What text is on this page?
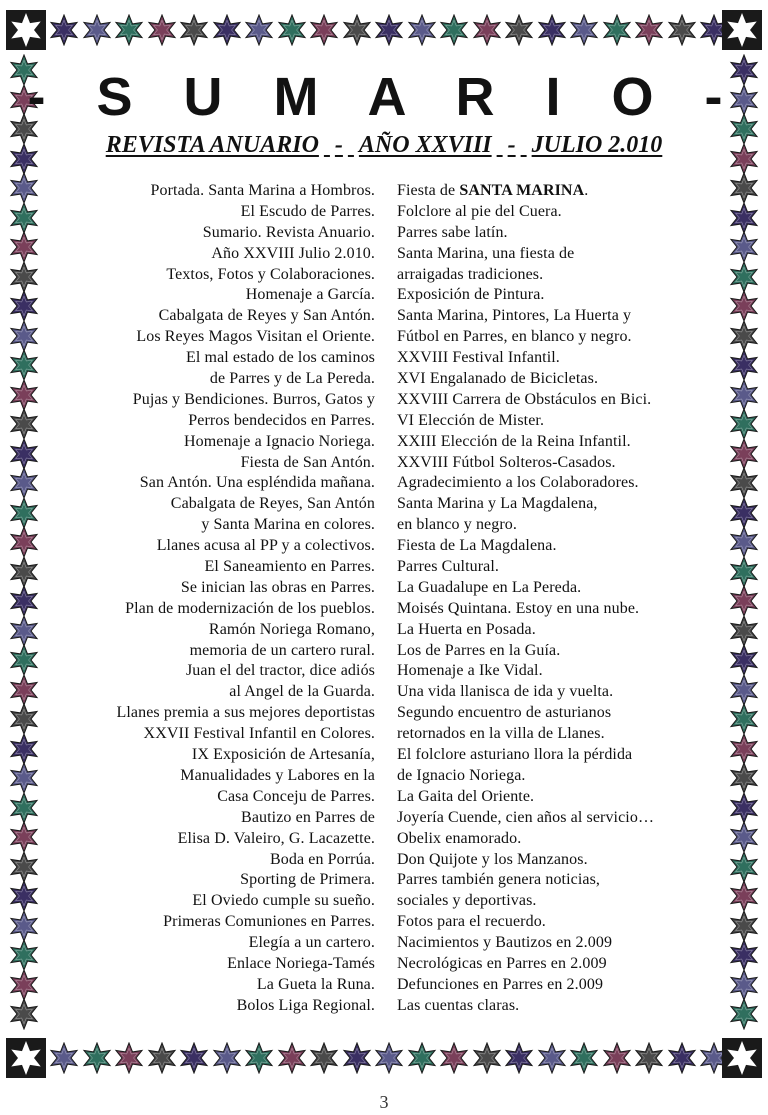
- S U M A R I O -
REVISTA ANUARIO - AÑO XXVIII - JULIO 2.010
Portada. Santa Marina a Hombros.
El Escudo de Parres.
Sumario. Revista Anuario.
Año XXVIII Julio 2.010.
Textos, Fotos y Colaboraciones.
Homenaje a García.
Cabalgata de Reyes y San Antón.
Los Reyes Magos Visitan el Oriente.
El mal estado de los caminos
de Parres y de La Pereda.
Pujas y Bendiciones. Burros, Gatos y
Perros bendecidos en Parres.
Homenaje a Ignacio Noriega.
Fiesta de San Antón.
San Antón. Una espléndida mañana.
Cabalgata de Reyes, San Antón
y Santa Marina en colores.
Llanes acusa al PP y a colectivos.
El Saneamiento en Parres.
Se inician las obras en Parres.
Plan de modernización de los pueblos.
Ramón Noriega Romano,
memoria de un cartero rural.
Juan el del tractor, dice adiós
al Angel de la Guarda.
Llanes premia a sus mejores deportistas
XXVII Festival Infantil en Colores.
IX Exposición de Artesanía,
Manualidades y Labores en la
Casa Conceju de Parres.
Bautizo en Parres de
Elisa D. Valeiro, G. Lacazette.
Boda en Porrúa.
Sporting de Primera.
El Oviedo cumple su sueño.
Primeras Comuniones en Parres.
Elegía a un cartero.
Enlace Noriega-Tamés
La Gueta la Runa.
Bolos Liga Regional.
Fiesta de SANTA MARINA.
Folclore al pie del Cuera.
Parres sabe latín.
Santa Marina, una fiesta de
arraigadas tradiciones.
Exposición de Pintura.
Santa Marina, Pintores, La Huerta y
Fútbol en Parres, en blanco y negro.
XXVIII Festival Infantil.
XVI Engalanado de Bicicletas.
XXVIII Carrera de Obstáculos en Bici.
VI Elección de Mister.
XXIII Elección de la Reina Infantil.
XXVIII Fútbol Solteros-Casados.
Agradecimiento a los Colaboradores.
Santa Marina y La Magdalena,
en blanco y negro.
Fiesta de La Magdalena.
Parres Cultural.
La Guadalupe en La Pereda.
Moisés Quintana. Estoy en una nube.
La Huerta en Posada.
Los de Parres en la Guía.
Homenaje a Ike Vidal.
Una vida llanisca de ida y vuelta.
Segundo encuentro de asturianos
retornados en la villa de Llanes.
El folclore asturiano llora la pérdida
de Ignacio Noriega.
La Gaita del Oriente.
Joyería Cuende, cien años al servicio…
Obelix enamorado.
Don Quijote y los Manzanos.
Parres también genera noticias,
sociales y deportivas.
Fotos para el recuerdo.
Nacimientos y Bautizos en 2.009
Necrológicas en Parres en 2.009
Defunciones en Parres en 2.009
Las cuentas claras.
3
